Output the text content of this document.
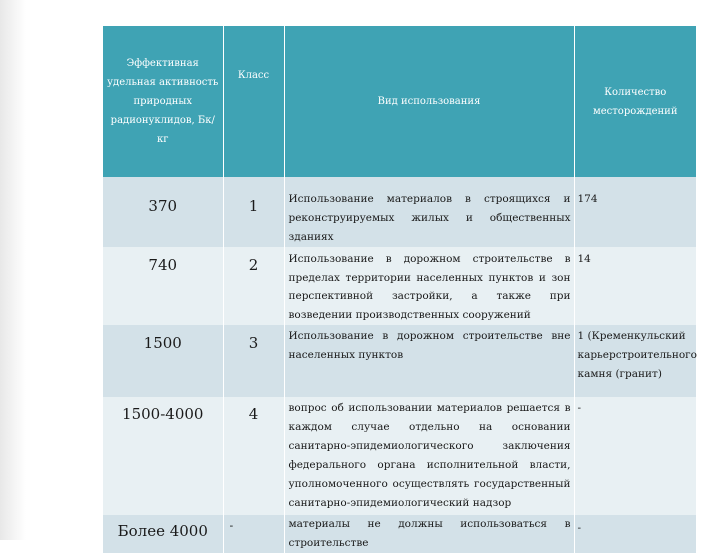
Эффективная удельная активность природных радионуклидов, Бк/кг	Класс	Вид использования	Количество месторождений
370	1	Использование материалов в строящихся и реконструируемых жилых и общественных зданиях	174
740	2	Использование в дорожном строительстве в пределах территории населенных пунктов и зон перспективной застройки, а также при возведении производственных сооружений	14
1500	3	Использование в дорожном строительстве вне населенных пунктов	1 (Кременкульский карьерстроительного камня (гранит)
1500-4000	4	вопрос об использовании материалов решается в каждом случае отдельно на основании санитарно-эпидемиологического заключения федерального органа исполнительной власти, уполномоченного осуществлять государственный санитарно-эпидемиологический надзор	-
Более 4000	-	материалы не должны использоваться в строительстве	-
